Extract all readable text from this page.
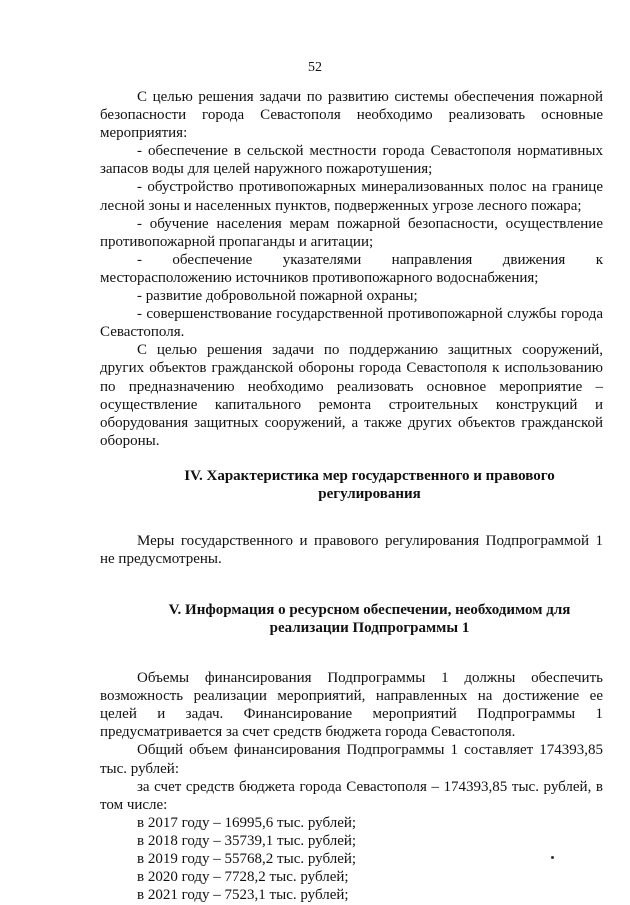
52

С целью решения задачи по развитию системы обеспечения пожарной безопасности города Севастополя необходимо реализовать основные мероприятия:

- обеспечение в сельской местности города Севастополя нормативных запасов воды для целей наружного пожаротушения;

- обустройство противопожарных минерализованных полос на границе лесной зоны и населенных пунктов, подверженных угрозе лесного пожара;

- обучение населения мерам пожарной безопасности, осуществление противопожарной пропаганды и агитации;

- обеспечение указателями направления движения к месторасположению источников противопожарного водоснабжения;

- развитие добровольной пожарной охраны;

- совершенствование государственной противопожарной службы города Севастополя.

С целью решения задачи по поддержанию защитных сооружений, других объектов гражданской обороны города Севастополя к использованию по предназначению необходимо реализовать основное мероприятие – осуществление капитального ремонта строительных конструкций и оборудования защитных сооружений, а также других объектов гражданской обороны.

IV. Характеристика мер государственного и правового
регулирования

Меры государственного и правового регулирования Подпрограммой 1 не предусмотрены.

V. Информация о ресурсном обеспечении, необходимом для
реализации Подпрограммы 1

Объемы финансирования Подпрограммы 1 должны обеспечить возможность реализации мероприятий, направленных на достижение ее целей и задач. Финансирование мероприятий Подпрограммы 1 предусматривается за счет средств бюджета города Севастополя.

Общий объем финансирования Подпрограммы 1 составляет 174393,85 тыс. рублей:

за счет средств бюджета города Севастополя – 174393,85 тыс. рублей, в том числе:

в 2017 году – 16995,6 тыс. рублей;
в 2018 году – 35739,1 тыс. рублей;
в 2019 году – 55768,2 тыс. рублей;
в 2020 году – 7728,2 тыс. рублей;
в 2021 году – 7523,1 тыс. рублей;
